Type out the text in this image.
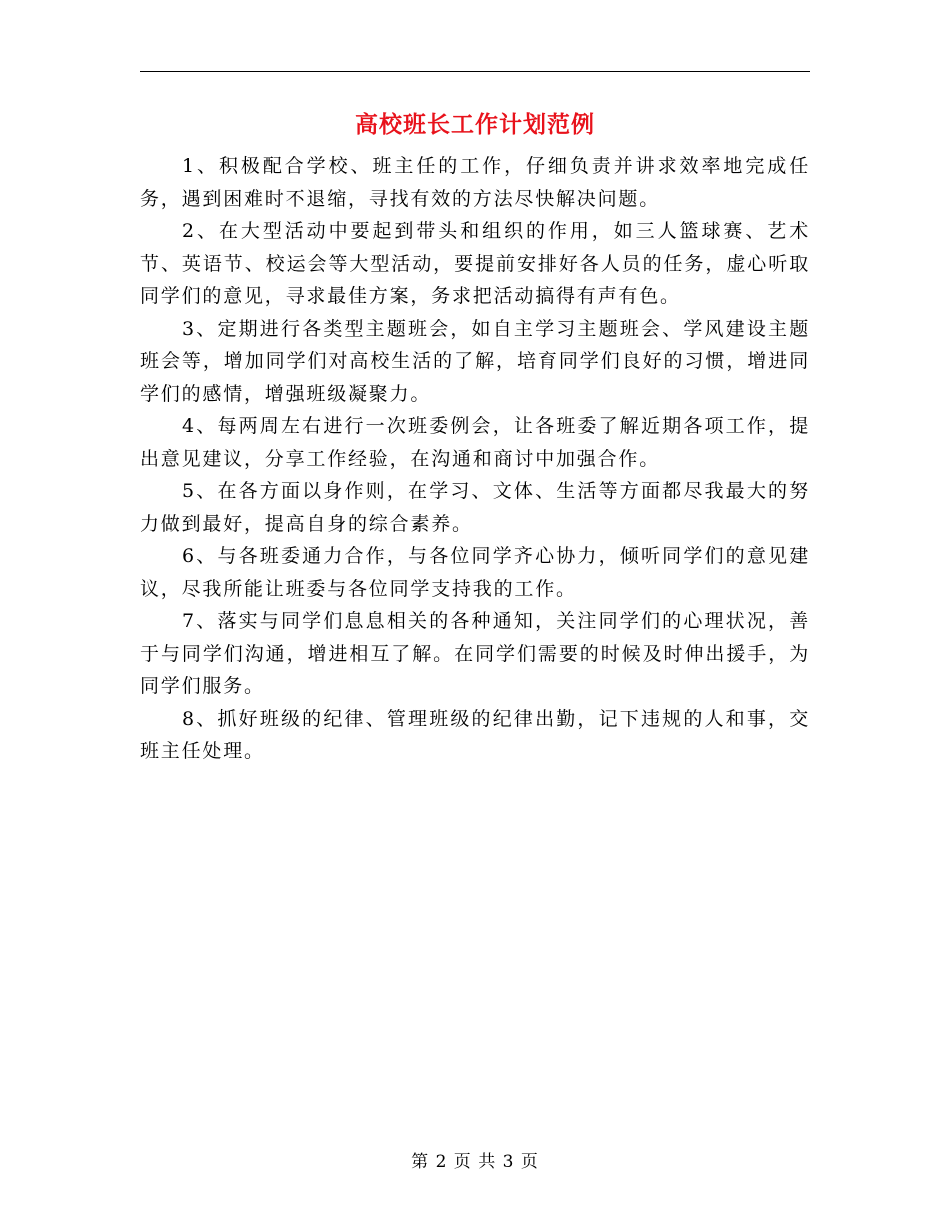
高校班长工作计划范例

1、积极配合学校、班主任的工作，仔细负责并讲求效率地完成任务，遇到困难时不退缩，寻找有效的方法尽快解决问题。

2、在大型活动中要起到带头和组织的作用，如三人篮球赛、艺术节、英语节、校运会等大型活动，要提前安排好各人员的任务，虚心听取同学们的意见，寻求最佳方案，务求把活动搞得有声有色。

3、定期进行各类型主题班会，如自主学习主题班会、学风建设主题班会等，增加同学们对高校生活的了解，培育同学们良好的习惯，增进同学们的感情，增强班级凝聚力。

4、每两周左右进行一次班委例会，让各班委了解近期各项工作，提出意见建议，分享工作经验，在沟通和商讨中加强合作。

5、在各方面以身作则，在学习、文体、生活等方面都尽我最大的努力做到最好，提高自身的综合素养。

6、与各班委通力合作，与各位同学齐心协力，倾听同学们的意见建议，尽我所能让班委与各位同学支持我的工作。

7、落实与同学们息息相关的各种通知，关注同学们的心理状况，善于与同学们沟通，增进相互了解。在同学们需要的时候及时伸出援手，为同学们服务。

8、抓好班级的纪律、管理班级的纪律出勤，记下违规的人和事，交班主任处理。

第 2 页 共 3 页
